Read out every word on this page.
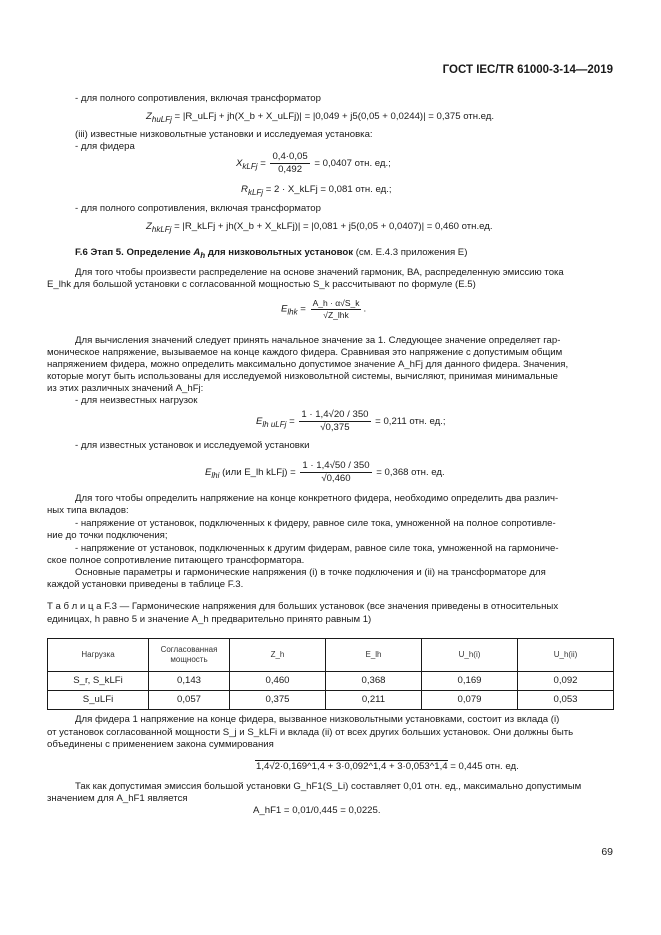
ГОСТ IEC/TR 61000-3-14—2019
- для полного сопротивления, включая трансформатор
$Z_{huLFj}$ = |R_uLFj + jh(X_b + X_uLFj)| = |0,049 + j5(0,05 + 0,0244)| = 0,375 отн.ед.
(iii) известные низковольтные установки и исследуемая установка:
- для фидера
$X_{kLFj} = \frac{0,4\cdot 0,05}{0,492} = 0,0407$ отн. ед.;
$R_{kLFj} = 2$ · X_kLFj = 0,081 отн. ед.;
- для полного сопротивления, включая трансформатор
$Z_{hkLFj}$ = |R_kLFj + jh(X_b + X_kLFj)| = |0,081 + j5(0,05 + 0,0407)| = 0,460 отн.ед.
F.6 Этап 5. Определение $A_h$ для низковольтных установок (см. Е.4.3 приложения Е)
Для того чтобы произвести распределение на основе значений гармоник, ВА, распределенную эмиссию тока
E_lhk для большой установки с согласованной мощностью S_k рассчитывают по формуле (Е.5)
$E_{lhk} = \frac{A\_h \cdot \alpha√S\_k}{\text{√Z\_lhk}}$ .
Для вычисления значений следует принять начальное значение за 1. Следующее значение определяет гар-
моническое напряжение, вызываемое на конце каждого фидера. Сравнивая это напряжение с допустимым общим
напряжением фидера, можно определить максимально допустимое значение A_hFj для данного фидера. Значения,
которые могут быть использованы для исследуемой низковольтной системы, вычисляют, принимая минимальные
из этих различных значений A_hFj:
- для неизвестных нагрузок
$E_{lh uLFj} = \frac{1 \cdot 1,4√20 / 350}{√0,375} = 0,211$ отн. ед.;
- для известных установок и исследуемой установки
$E_{lhi}$ (или E_lh kLFj) = $\frac{1 \cdot 1,4√50 / 350}{√0,460} = 0,368$ отн. ед.
Для того чтобы определить напряжение на конце конкретного фидера, необходимо определить два различ-
ных типа вкладов:
- напряжение от установок, подключенных к фидеру, равное силе тока, умноженной на полное сопротивле-
ние до точки подключения;
- напряжение от установок, подключенных к другим фидерам, равное силе тока, умноженной на гармониче-
ское полное сопротивление питающего трансформатора.
Основные параметры и гармонические напряжения (i) в точке подключения и (ii) на трансформаторе для
каждой установки приведены в таблице F.3.
Т а б л и ц а F.3 — Гармонические напряжения для больших установок (все значения приведены в относительных
единицах, h равно 5 и значение A_h предварительно принято равным 1)
Нагрузка	Согласованная мощность	Z_h	E_lh	U_h(i)	U_h(ii)
S_r, S_kLFi	0,143	0,460	0,368	0,169	0,092
S_uLFi	0,057	0,375	0,211	0,079	0,053
Для фидера 1 напряжение на конце фидера, вызванное низковольтными установками, состоит из вклада (i)
от установок согласованной мощности S_j и S_kLFi и вклада (ii) от всех других больших установок. Они должны быть
объединены с применением закона суммирования
1,4√2·0,169^1,4 + 3·0,092^1,4 + 3·0,053^1,4 = 0,445 отн. ед.
Так как допустимая эмиссия большой установки G_hF1(S_Li) составляет 0,01 отн. ед., максимально допустимым
значением для A_hF1 является
A_hF1 = 0,01/0,445 = 0,0225.
69
